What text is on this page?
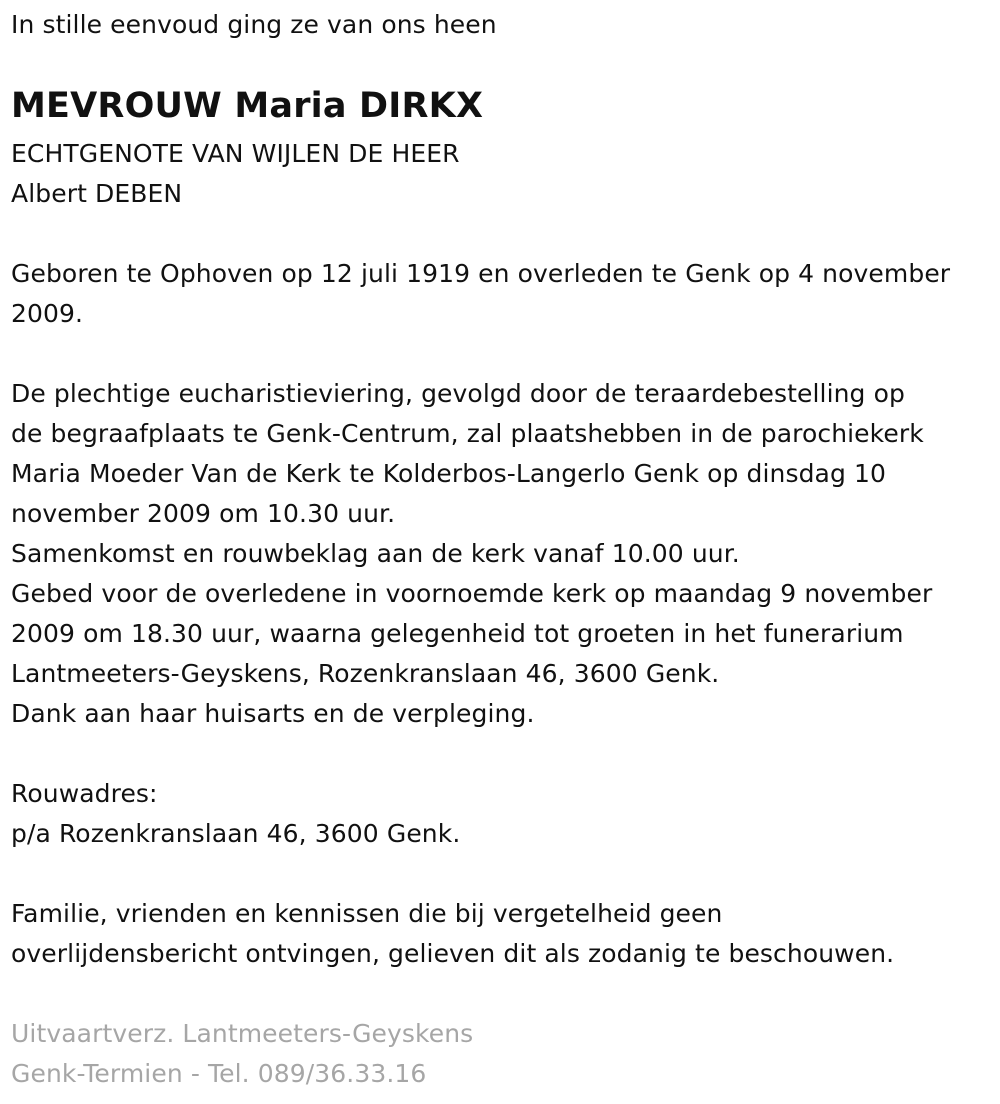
In stille eenvoud ging ze van ons heen
MEVROUW Maria DIRKX
ECHTGENOTE VAN WIJLEN DE HEER
Albert DEBEN
Geboren te Ophoven op 12 juli 1919 en overleden te Genk op 4 november
2009.
De plechtige eucharistieviering, gevolgd door de teraardebestelling op
de begraafplaats te Genk-Centrum, zal plaatshebben in de parochiekerk
Maria Moeder Van de Kerk te Kolderbos-Langerlo Genk op dinsdag 10
november 2009 om 10.30 uur.
Samenkomst en rouwbeklag aan de kerk vanaf 10.00 uur.
Gebed voor de overledene in voornoemde kerk op maandag 9 november
2009 om 18.30 uur, waarna gelegenheid tot groeten in het funerarium
Lantmeeters-Geyskens, Rozenkranslaan 46, 3600 Genk.
Dank aan haar huisarts en de verpleging.
Rouwadres:
p/a Rozenkranslaan 46, 3600 Genk.
Familie, vrienden en kennissen die bij vergetelheid geen
overlijdensbericht ontvingen, gelieven dit als zodanig te beschouwen.
Uitvaartverz. Lantmeeters-Geyskens
Genk-Termien - Tel. 089/36.33.16
